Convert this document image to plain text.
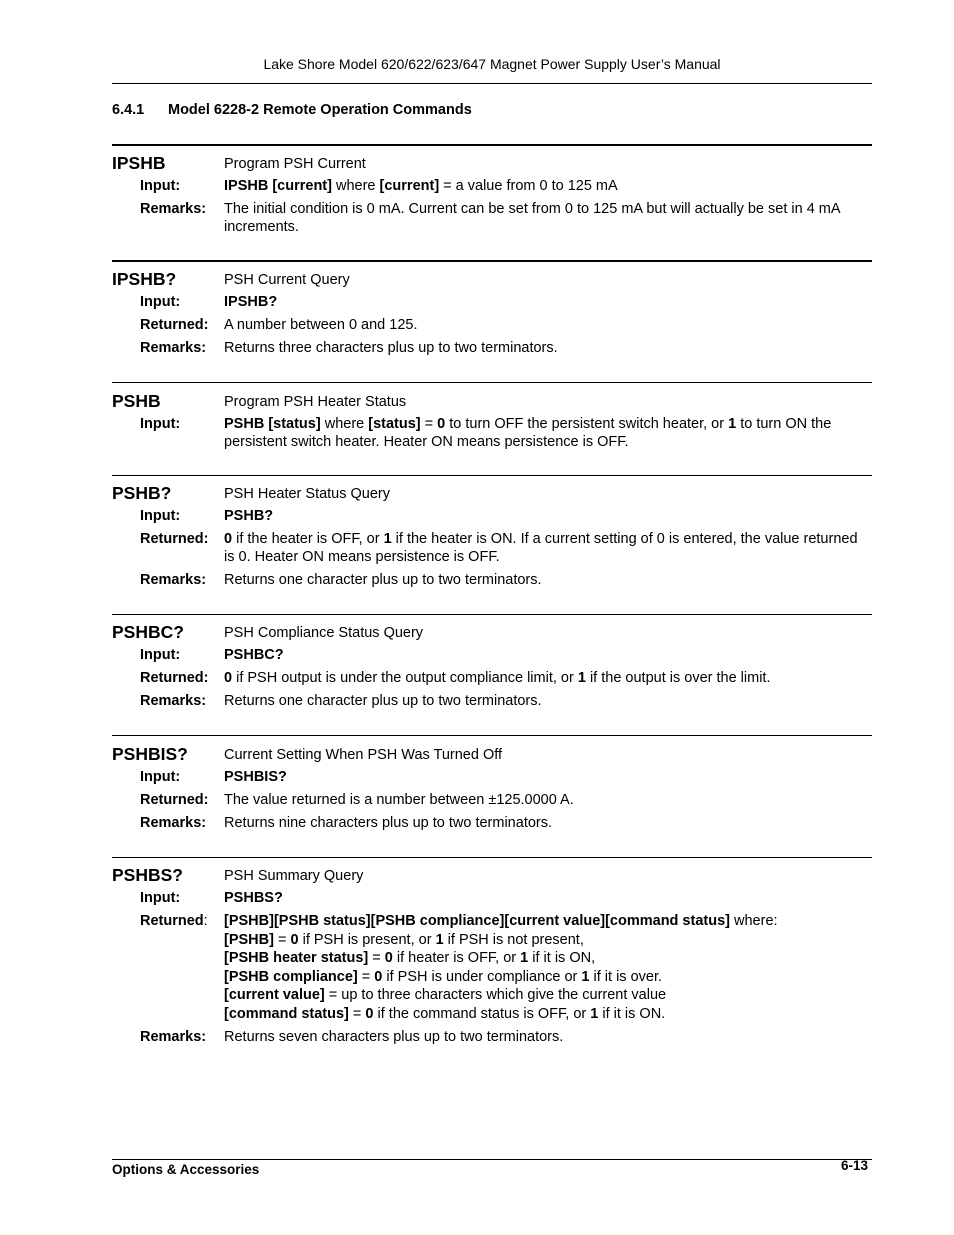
Lake Shore Model 620/622/623/647 Magnet Power Supply User’s Manual
6.4.1 Model 6228-2 Remote Operation Commands
IPSHB	Program PSH Current
Input:	IPSHB [current] where [current] = a value from 0 to 125 mA
Remarks: The initial condition is 0 mA. Current can be set from 0 to 125 mA but will actually be set in 4 mA increments.
IPSHB?	PSH Current Query
Input:	IPSHB?
Returned: A number between 0 and 125.
Remarks: Returns three characters plus up to two terminators.
PSHB	Program PSH Heater Status
Input:	PSHB [status] where [status] = 0 to turn OFF the persistent switch heater, or 1 to turn ON the persistent switch heater. Heater ON means persistence is OFF.
PSHB?	PSH Heater Status Query
Input:	PSHB?
Returned: 0 if the heater is OFF, or 1 if the heater is ON. If a current setting of 0 is entered, the value returned is 0. Heater ON means persistence is OFF.
Remarks: Returns one character plus up to two terminators.
PSHBC?	PSH Compliance Status Query
Input:	PSHBC?
Returned: 0 if PSH output is under the output compliance limit, or 1 if the output is over the limit.
Remarks: Returns one character plus up to two terminators.
PSHBIS? Current Setting When PSH Was Turned Off
Input:	PSHBIS?
Returned: The value returned is a number between ±125.0000 A.
Remarks: Returns nine characters plus up to two terminators.
PSHBS?	PSH Summary Query
Input:	PSHBS?
Returned: [PSHB][PSHB status][PSHB compliance][current value][command status] where:
[PSHB] = 0 if PSH is present, or 1 if PSH is not present,
[PSHB heater status] = 0 if heater is OFF, or 1 if it is ON,
[PSHB compliance] = 0 if PSH is under compliance or 1 if it is over.
[current value] = up to three characters which give the current value
[command status] = 0 if the command status is OFF, or 1 if it is ON.
Remarks: Returns seven characters plus up to two terminators.
Options & Accessories	6-13
